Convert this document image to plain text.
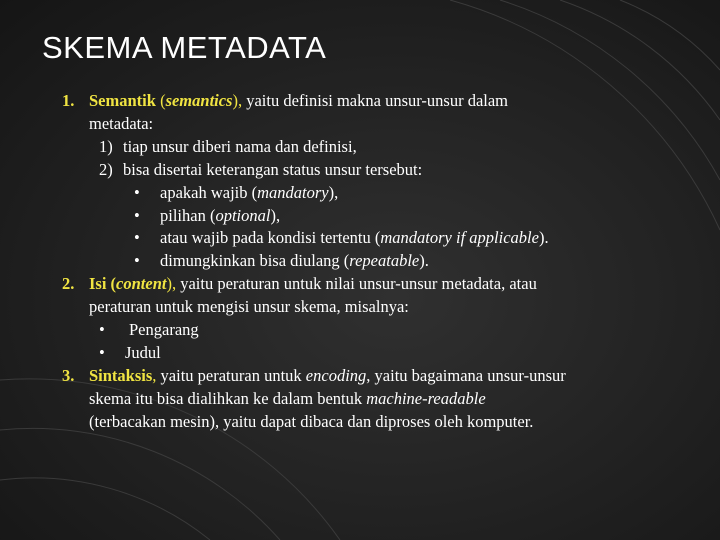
SKEMA METADATA
1. Semantik (semantics), yaitu definisi makna unsur-unsur dalam
metadata:
1) tiap unsur diberi nama dan definisi,
2) bisa disertai keterangan status unsur tersebut:
• apakah wajib (mandatory),
• pilihan (optional),
• atau wajib pada kondisi tertentu (mandatory if applicable).
• dimungkinkan bisa diulang (repeatable).
2. Isi (content), yaitu peraturan untuk nilai unsur-unsur metadata, atau
peraturan untuk mengisi unsur skema, misalnya:
• Pengarang
• Judul
3. Sintaksis, yaitu peraturan untuk encoding, yaitu bagaimana unsur-unsur
skema itu bisa dialihkan ke dalam bentuk machine-readable
(terbacakan mesin), yaitu dapat dibaca dan diproses oleh komputer.
